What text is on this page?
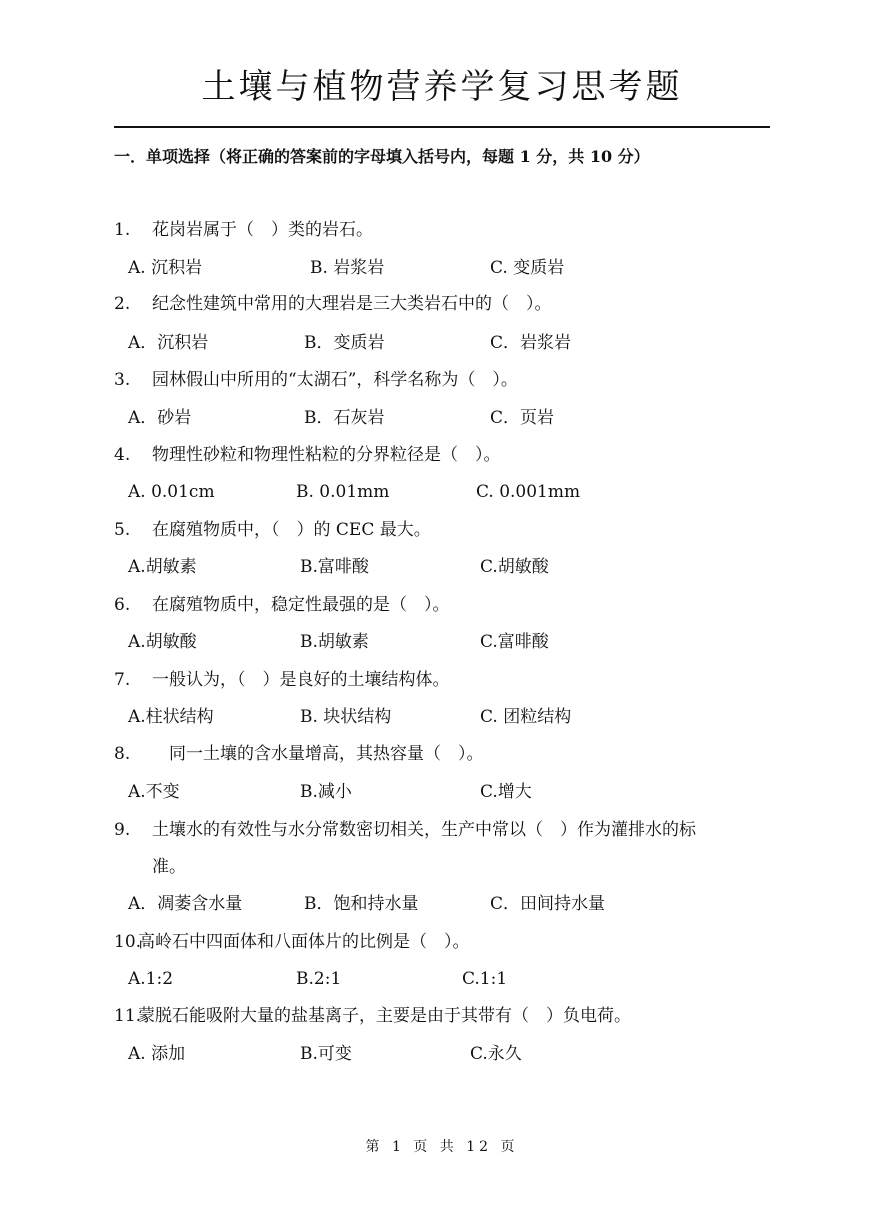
土壤与植物营养学复习思考题
一．单项选择（将正确的答案前的字母填入括号内，每题 1 分，共 10 分）
1.	花岗岩属于（　）类的岩石。
A. 沉积岩	B. 岩浆岩	C. 变质岩
2.	纪念性建筑中常用的大理岩是三大类岩石中的（　）。
A．沉积岩	B．变质岩	C．岩浆岩
3.	园林假山中所用的“太湖石”，科学名称为（　）。
A．砂岩	B．石灰岩	C．页岩
4.	物理性砂粒和物理性粘粒的分界粒径是（　）。
A. 0.01cm	B. 0.01mm	C. 0.001mm
5.	在腐殖物质中，（　）的 CEC 最大。
A.胡敏素	B.富啡酸	C.胡敏酸
6.	在腐殖物质中，稳定性最强的是（　）。
A.胡敏酸	B.胡敏素	C.富啡酸
7.	一般认为，（　）是良好的土壤结构体。
A.柱状结构	B. 块状结构	C. 团粒结构
8.	　同一土壤的含水量增高，其热容量（　）。
A.不变	B.减小	C.增大
9.	土壤水的有效性与水分常数密切相关，生产中常以（　）作为灌排水的标
准。
A．凋萎含水量	B．饱和持水量	C．田间持水量
10.
高岭石中四面体和八面体片的比例是（　）。
A.1:2	B.2:1	C.1:1
11.
蒙脱石能吸附大量的盐基离子，主要是由于其带有（　）负电荷。
A. 添加	B.可变	C.永久
第 1 页 共 12 页
